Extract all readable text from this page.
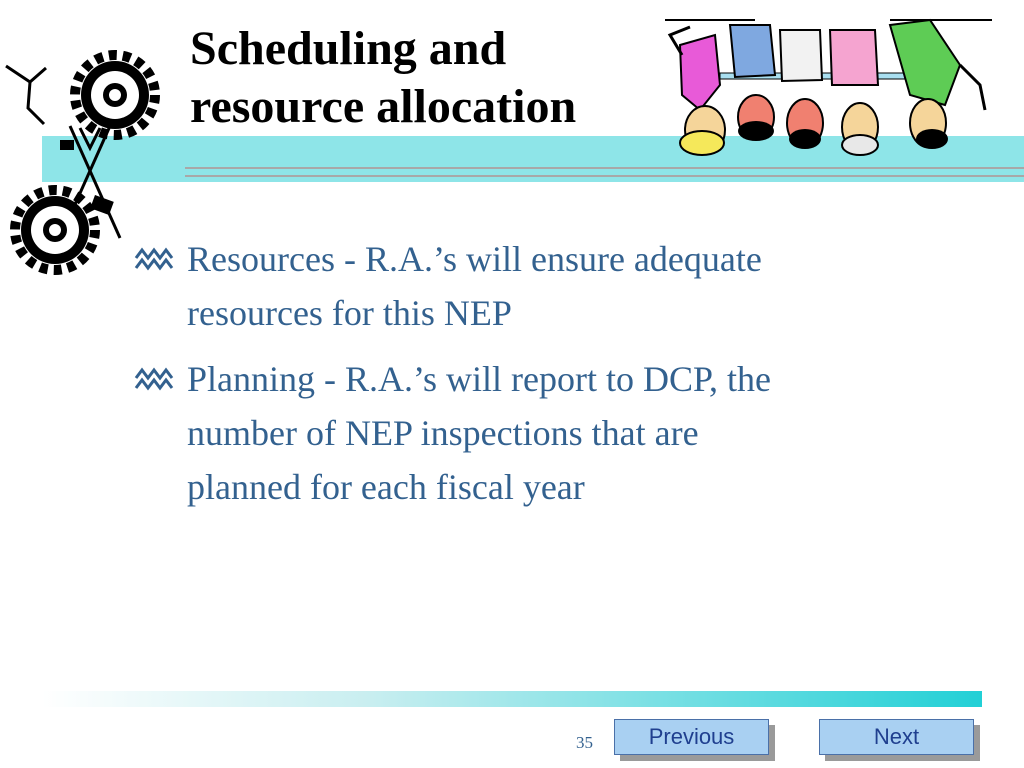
Scheduling and
resource allocation
Resources - R.A.’s will ensure adequate resources for this NEP
Planning - R.A.’s will report to DCP, the number of NEP inspections that are planned for each fiscal year
35	Previous	Next
